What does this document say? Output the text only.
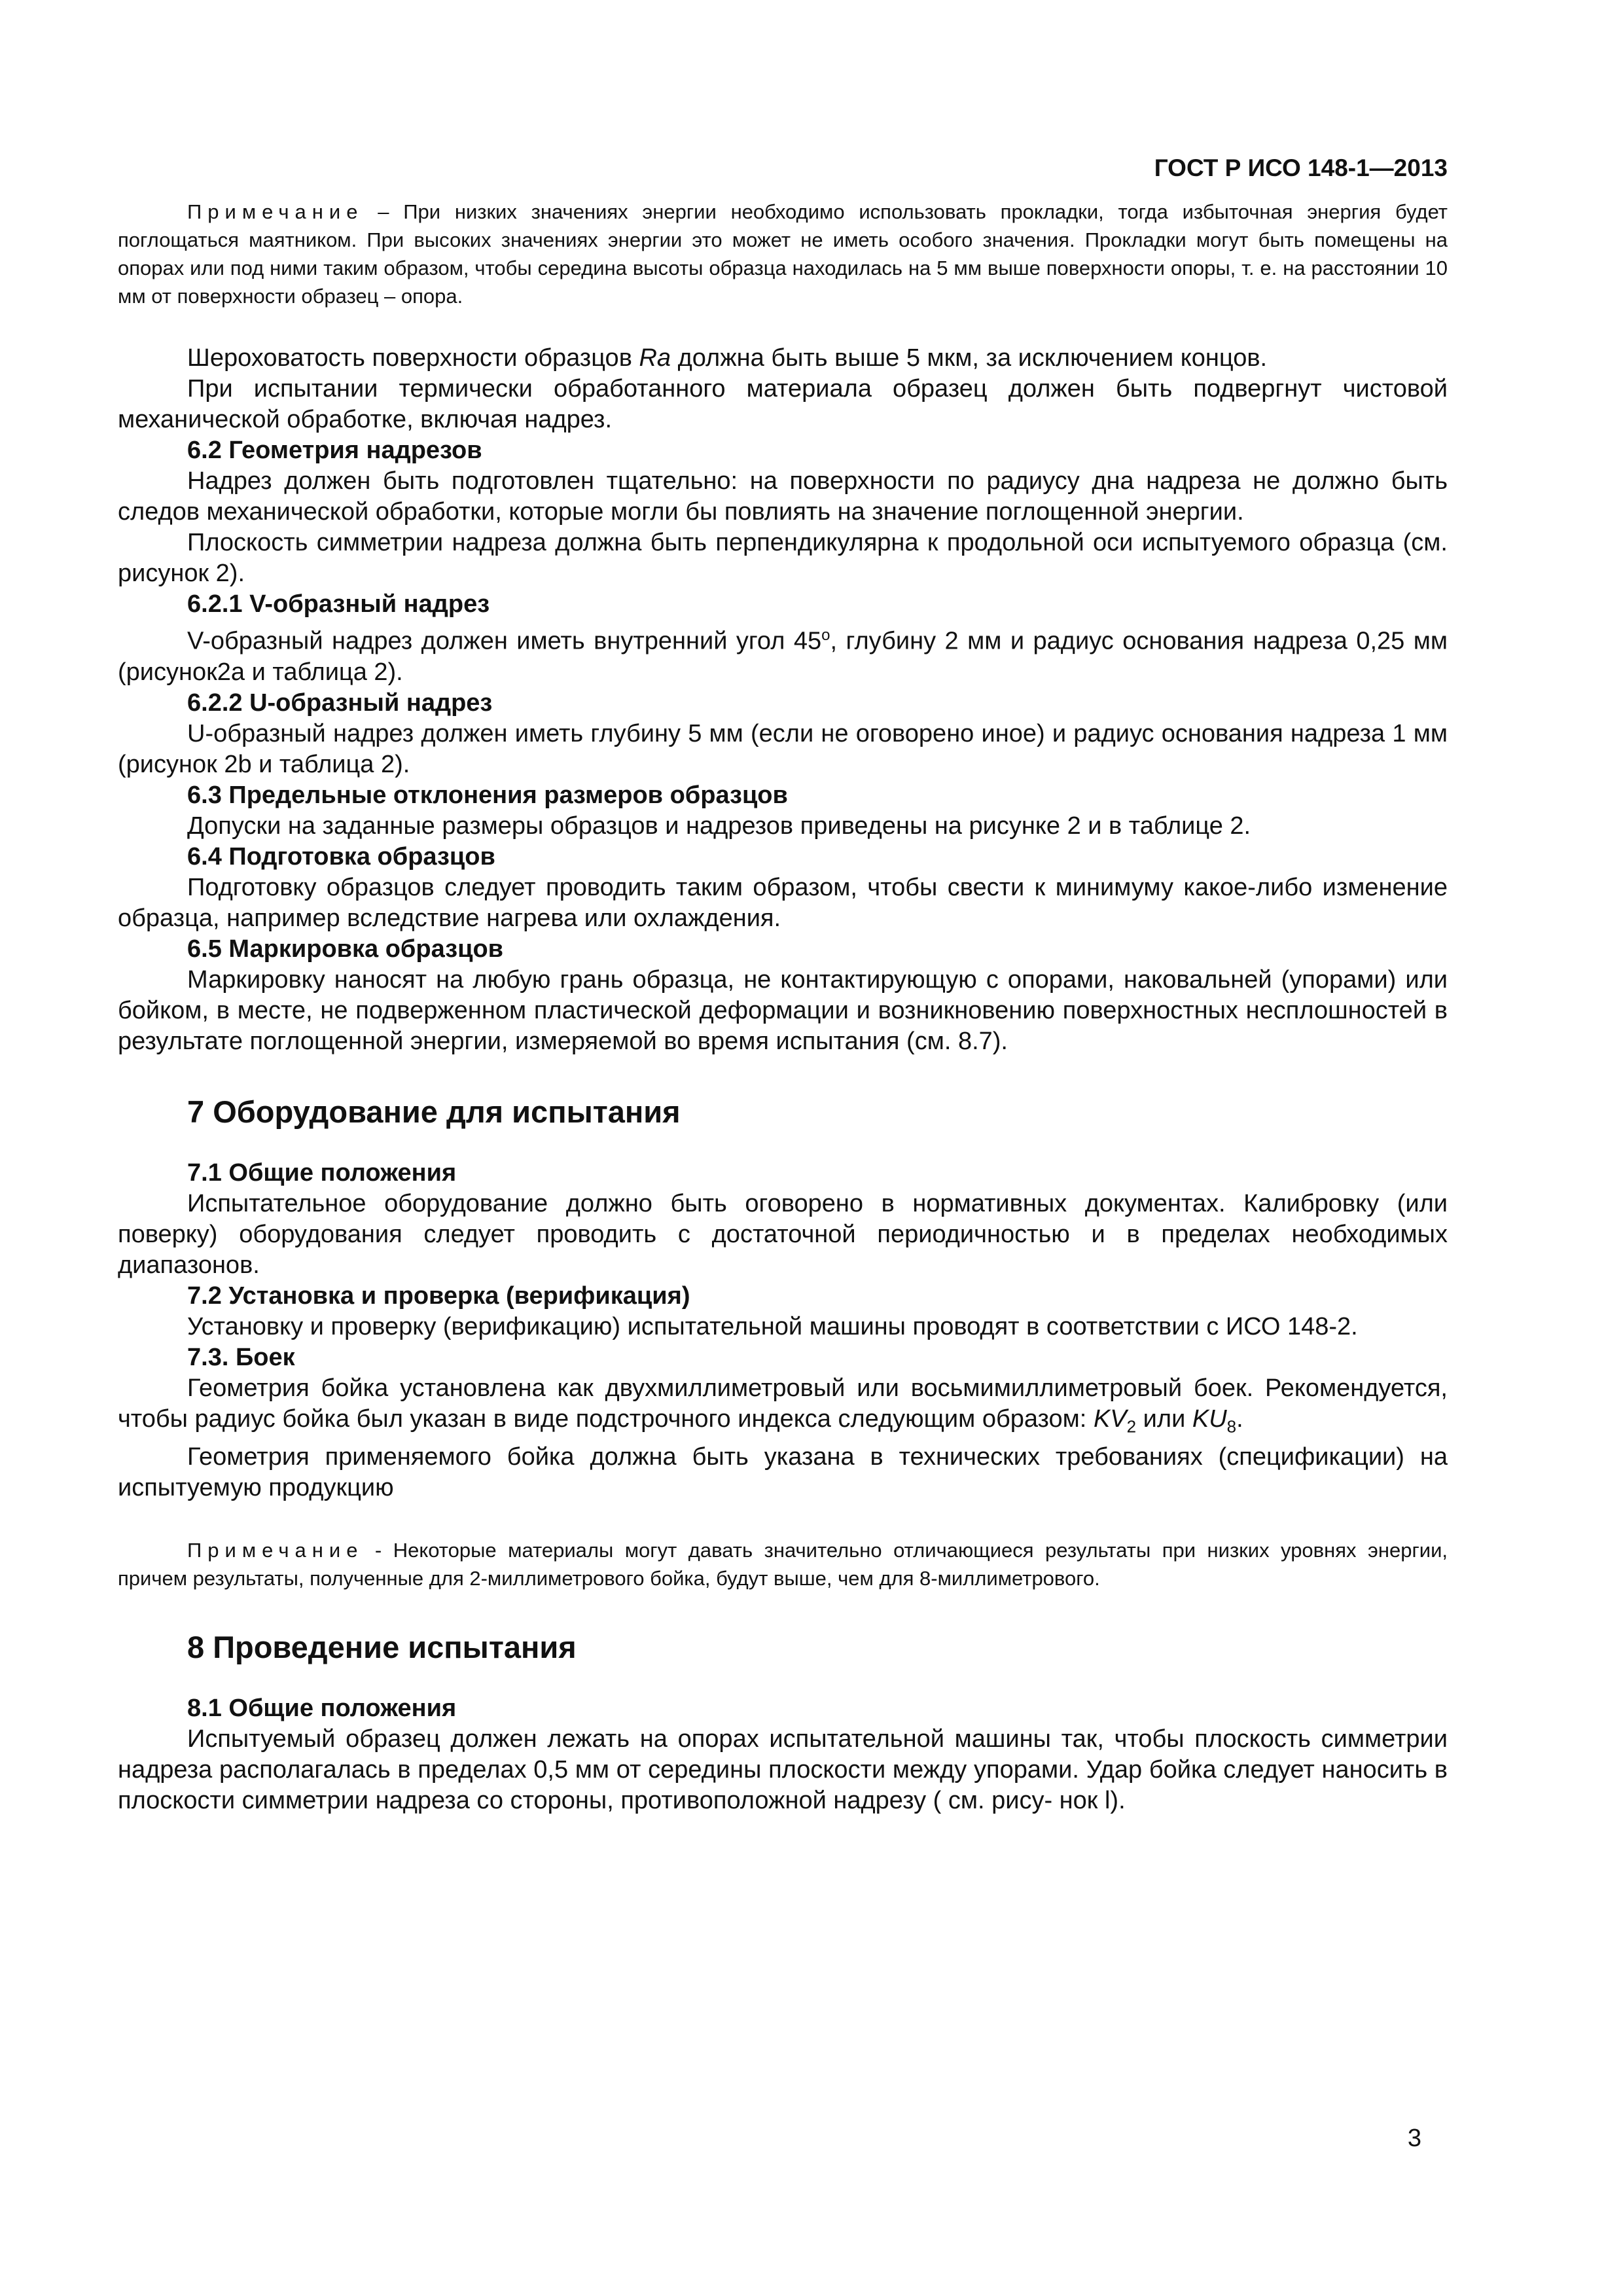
ГОСТ Р ИСО 148-1—2013

Примечание – При низких значениях энергии необходимо использовать прокладки, тогда избыточная энергия будет поглощаться маятником. При высоких значениях энергии это может не иметь особого значения. Прокладки могут быть помещены на опорах или под ними таким образом, чтобы середина высоты образца находилась на 5 мм выше поверхности опоры, т. е. на расстоянии 10 мм от поверхности образец – опора.

Шероховатость поверхности образцов Ra должна быть выше 5 мкм, за исключением концов.

При испытании термически обработанного материала образец должен быть подвергнут чистовой механической обработке, включая надрез.

6.2 Геометрия надрезов

Надрез должен быть подготовлен тщательно: на поверхности по радиусу дна надреза не должно быть следов механической обработки, которые могли бы повлиять на значение поглощенной энергии.

Плоскость симметрии надреза должна быть перпендикулярна к продольной оси испытуемого образца (см. рисунок 2).

6.2.1 V-образный надрез

V-образный надрез должен иметь внутренний угол $45^о$, глубину 2 мм и радиус основания надреза 0,25 мм (рисунок2а и таблица 2).

6.2.2 U-образный надрез

U-образный надрез должен иметь глубину 5 мм (если не оговорено иное) и радиус основания надреза 1 мм (рисунок 2b и таблица 2).

6.3 Предельные отклонения размеров образцов

Допуски на заданные размеры образцов и надрезов приведены на рисунке 2 и в таблице 2.

6.4 Подготовка образцов

Подготовку образцов следует проводить таким образом, чтобы свести к минимуму какое-либо изменение образца, например вследствие нагрева или охлаждения.

6.5 Маркировка образцов

Маркировку наносят на любую грань образца, не контактирующую с опорами, наковальней (упорами) или бойком, в месте, не подверженном пластической деформации и возникновению поверхностных несплошностей в результате поглощенной энергии, измеряемой во время испытания (см. 8.7).

7 Оборудование для испытания

7.1 Общие положения

Испытательное оборудование должно быть оговорено в нормативных документах. Калибровку (или поверку) оборудования следует проводить с достаточной периодичностью и в пределах необходимых диапазонов.

7.2 Установка и проверка (верификация)

Установку и проверку (верификацию) испытательной машины проводят в соответствии с ИСО 148-2.

7.3. Боек

Геометрия бойка установлена как двухмиллиметровый или восьмимиллиметровый боек. Рекомендуется, чтобы радиус бойка был указан в виде подстрочного индекса следующим образом: $KV_2$ или $KU_8$.

Геометрия применяемого бойка должна быть указана в технических требованиях (спецификации) на испытуемую продукцию

Примечание - Некоторые материалы могут давать значительно отличающиеся результаты при низких уровнях энергии, причем результаты, полученные для 2-миллиметрового бойка, будут выше, чем для 8-миллиметрового.

8 Проведение испытания

8.1 Общие положения

Испытуемый образец должен лежать на опорах испытательной машины так, чтобы плоскость симметрии надреза располагалась в пределах 0,5 мм от середины плоскости между упорами. Удар бойка следует наносить в плоскости симметрии надреза со стороны, противоположной надрезу ( см. рису- нок l).

3
